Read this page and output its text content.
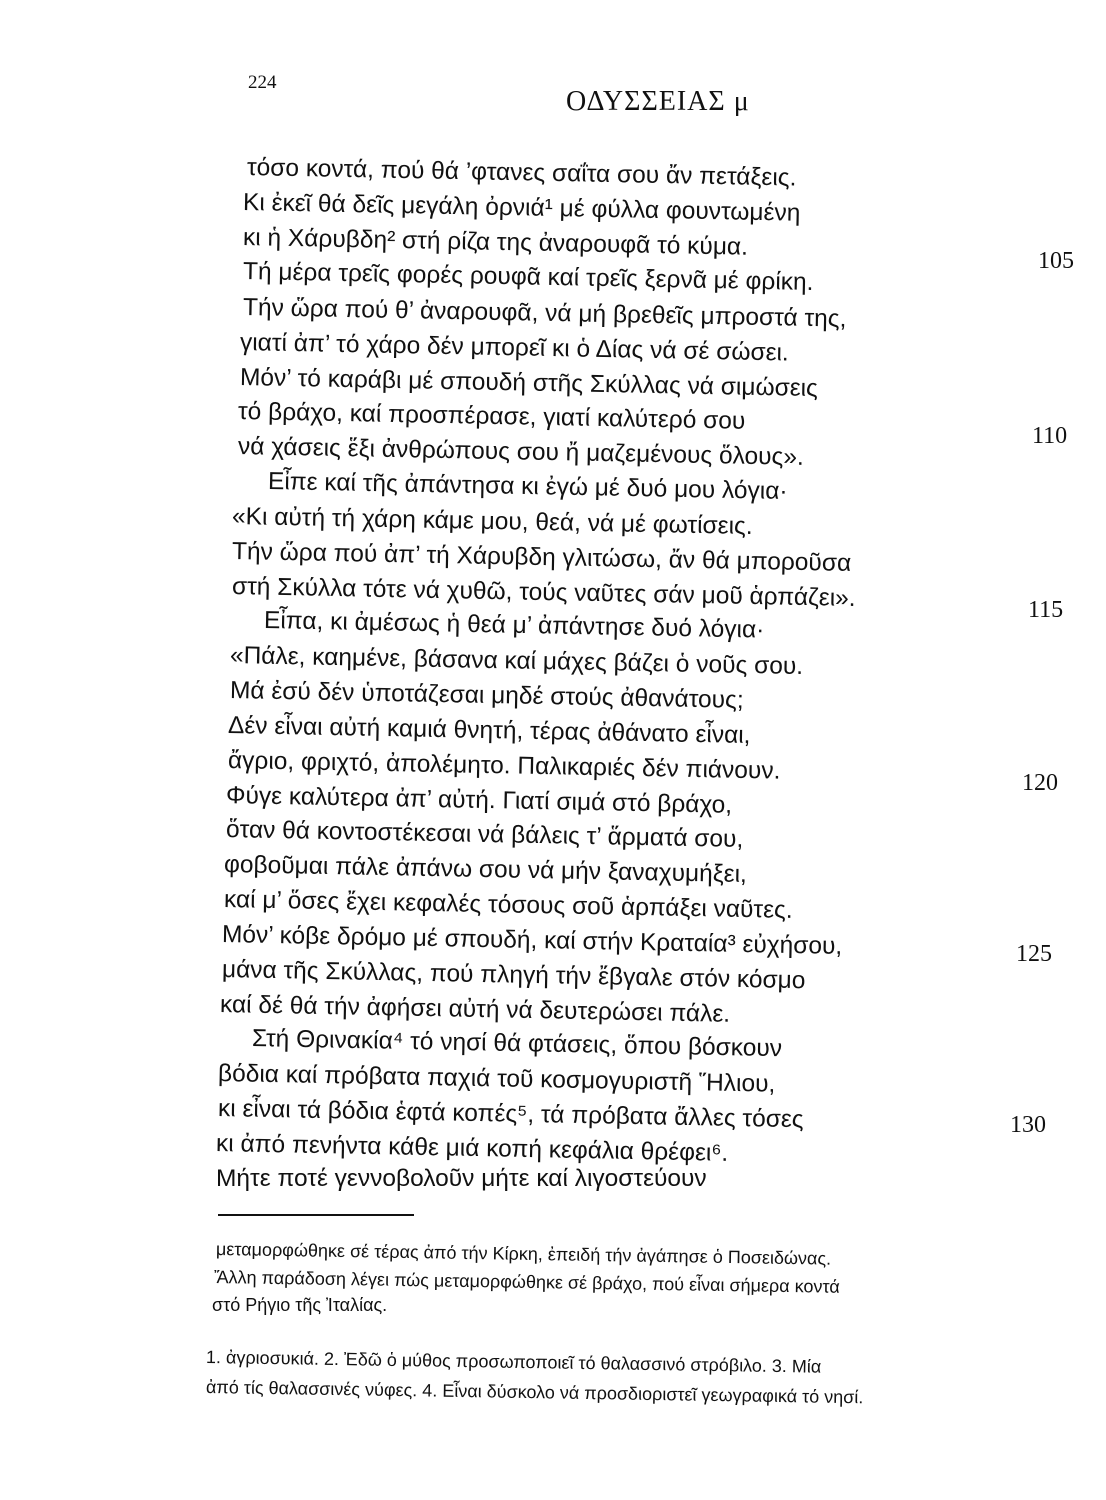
224
ΟΔΥΣΣΕΙΑΣ μ
τόσο κοντά, πού θά ’φτανες σαΐτα σου ἄν πετάξεις.
Κι ἐκεῖ θά δεῖς μεγάλη ὀρνιά¹ μέ φύλλα φουντωμένη
κι ἡ Χάρυβδη² στή ρίζα της ἀναρουφᾶ τό κύμα.
Τή μέρα τρεῖς φορές ρουφᾶ καί τρεῖς ξερνᾶ μέ φρίκη.
Τήν ὥρα πού θ’ ἀναρουφᾶ, νά μή βρεθεῖς μπροστά της,
γιατί ἀπ’ τό χάρο δέν μπορεῖ κι ὁ Δίας νά σέ σώσει.
Μόν’ τό καράβι μέ σπουδή στῆς Σκύλλας νά σιμώσεις
τό βράχο, καί προσπέρασε, γιατί καλύτερό σου
νά χάσεις ἕξι ἀνθρώπους σου ἤ μαζεμένους ὅλους».
Εἶπε καί τῆς ἀπάντησα κι ἐγώ μέ δυό μου λόγια·
«Κι αὐτή τή χάρη κάμε μου, θεά, νά μέ φωτίσεις.
Τήν ὥρα πού ἀπ’ τή Χάρυβδη γλιτώσω, ἄν θά μποροῦσα
στή Σκύλλα τότε νά χυθῶ, τούς ναῦτες σάν μοῦ ἁρπάζει».
Εἶπα, κι ἀμέσως ἡ θεά μ’ ἀπάντησε δυό λόγια·
«Πάλε, καημένε, βάσανα καί μάχες βάζει ὁ νοῦς σου.
Μά ἐσύ δέν ὑποτάζεσαι μηδέ στούς ἀθανάτους;
Δέν εἶναι αὐτή καμιά θνητή, τέρας ἀθάνατο εἶναι,
ἄγριο, φριχτό, ἀπολέμητο. Παλικαριές δέν πιάνουν.
Φύγε καλύτερα ἀπ’ αὐτή. Γιατί σιμά στό βράχο,
ὅταν θά κοντοστέκεσαι νά βάλεις τ’ ἅρματά σου,
φοβοῦμαι πάλε ἀπάνω σου νά μήν ξαναχυμήξει,
καί μ’ ὅσες ἔχει κεφαλές τόσους σοῦ ἁρπάξει ναῦτες.
Μόν’ κόβε δρόμο μέ σπουδή, καί στήν Κραταία³ εὐχήσου,
μάνα τῆς Σκύλλας, πού πληγή τήν ἔβγαλε στόν κόσμο
καί δέ θά τήν ἀφήσει αὐτή νά δευτερώσει πάλε.
Στή Θρινακία⁴ τό νησί θά φτάσεις, ὅπου βόσκουν
βόδια καί πρόβατα παχιά τοῦ κοσμογυριστῆ Ἥλιου,
κι εἶναι τά βόδια ἑφτά κοπές⁵, τά πρόβατα ἄλλες τόσες
κι ἀπό πενήντα κάθε μιά κοπή κεφάλια θρέφει⁶.
Μήτε ποτέ γεννοβολοῦν μήτε καί λιγοστεύουν
105
110
115
120
125
130
μεταμορφώθηκε σέ τέρας ἀπό τήν Κίρκη, ἐπειδή τήν ἀγάπησε ὁ Ποσειδώνας.
Ἄλλη παράδοση λέγει πώς μεταμορφώθηκε σέ βράχο, πού εἶναι σήμερα κοντά
στό Ρήγιο τῆς Ἰταλίας.
1. ἀγριοσυκιά. 2. Ἐδῶ ὁ μύθος προσωποποιεῖ τό θαλασσινό στρόβιλο. 3. Μία
ἀπό τίς θαλασσινές νύφες. 4. Εἶναι δύσκολο νά προσδιοριστεῖ γεωγραφικά τό νησί.
